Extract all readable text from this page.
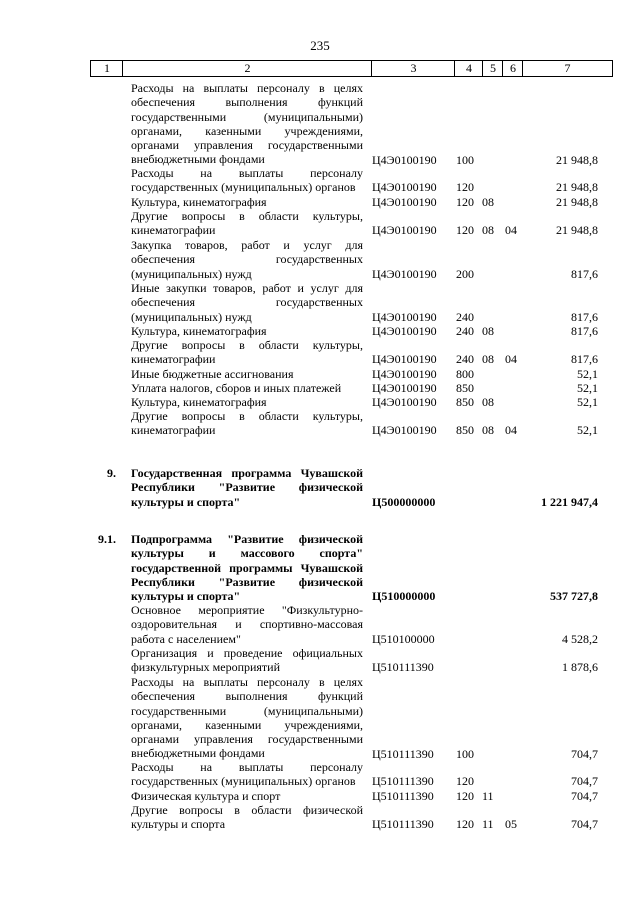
235
1	2	3	4	5	6	7
Расходы на выплаты персоналу в целях обеспечения выполнения функций государственными (муниципальными) органами, казенными учреждениями, органами управления государственными внебюджетными фондами	Ц4Э0100190 100	21 948,8
Расходы на выплаты персоналу государственных (муниципальных) органов	Ц4Э0100190 120	21 948,8
Культура, кинематография	Ц4Э0100190 120 08	21 948,8
Другие вопросы в области культуры, кинематографии	Ц4Э0100190 120 08 04	21 948,8
Закупка товаров, работ и услуг для обеспечения государственных (муниципальных) нужд	Ц4Э0100190 200	817,6
Иные закупки товаров, работ и услуг для обеспечения государственных (муниципальных) нужд	Ц4Э0100190 240	817,6
Культура, кинематография	Ц4Э0100190 240 08	817,6
Другие вопросы в области культуры, кинематографии	Ц4Э0100190 240 08 04	817,6
Иные бюджетные ассигнования	Ц4Э0100190 800	52,1
Уплата налогов, сборов и иных платежей	Ц4Э0100190 850	52,1
Культура, кинематография	Ц4Э0100190 850 08	52,1
Другие вопросы в области культуры, кинематографии	Ц4Э0100190 850 08 04	52,1
9. Государственная программа Чувашской Республики "Развитие физической культуры и спорта"	Ц500000000	1 221 947,4
9.1. Подпрограмма "Развитие физической культуры и массового спорта" государственной программы Чувашской Республики "Развитие физической культуры и спорта"	Ц510000000	537 727,8
Основное мероприятие "Физкультурно-оздоровительная и спортивно-массовая работа с населением"	Ц510100000	4 528,2
Организация и проведение официальных физкультурных мероприятий	Ц510111390	1 878,6
Расходы на выплаты персоналу в целях обеспечения выполнения функций государственными (муниципальными) органами, казенными учреждениями, органами управления государственными внебюджетными фондами	Ц510111390 100	704,7
Расходы на выплаты персоналу государственных (муниципальных) органов	Ц510111390 120	704,7
Физическая культура и спорт	Ц510111390 120 11	704,7
Другие вопросы в области физической культуры и спорта	Ц510111390 120 11 05	704,7
